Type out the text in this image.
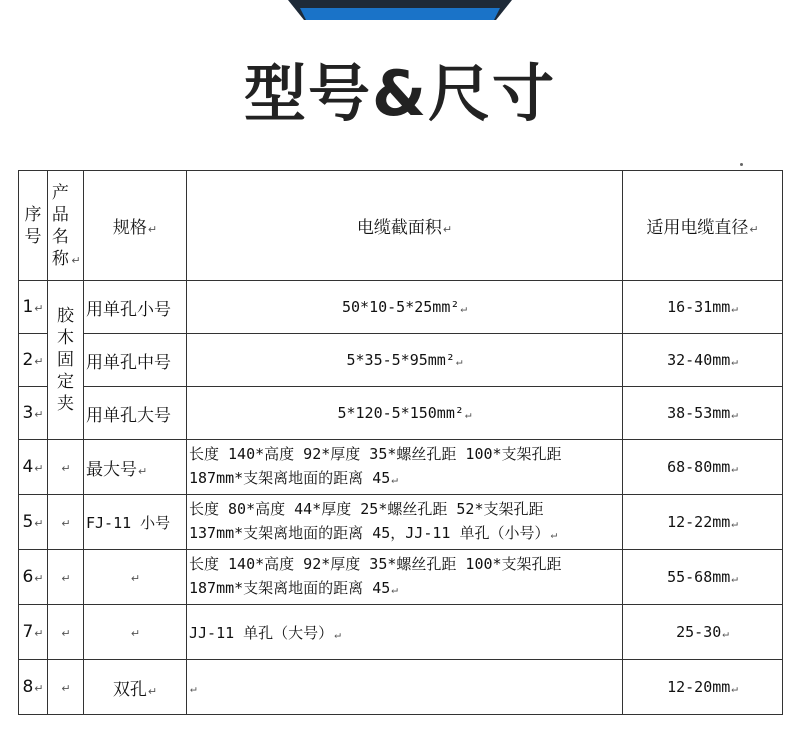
型号&尺寸
序号	产品名称 ↵	规格↵	电缆截面积↵	适用电缆直径↵
1↵	胶木固定夹	用单孔小号	50*10-5*25mm²↵	16-31mm↵
2↵		用单孔中号	5*35-5*95mm²↵	32-40mm↵
3↵		用单孔大号	5*120-5*150mm²↵	38-53mm↵
4↵	↵	最大号↵	长度 140*高度 92*厚度 35*螺丝孔距 100*支架孔距
187mm*支架离地面的距离 45↵	68-80mm↵
5↵	↵	FJ-11 小号	长度 80*高度 44*厚度 25*螺丝孔距 52*支架孔距
137mm*支架离地面的距离 45，JJ-11 单孔（小号）↵	12-22mm↵
6↵	↵	↵	长度 140*高度 92*厚度 35*螺丝孔距 100*支架孔距
187mm*支架离地面的距离 45↵	55-68mm↵
7↵	↵	↵	JJ-11 单孔（大号）↵	25-30↵
8↵	↵	双孔↵	↵	12-20mm↵
